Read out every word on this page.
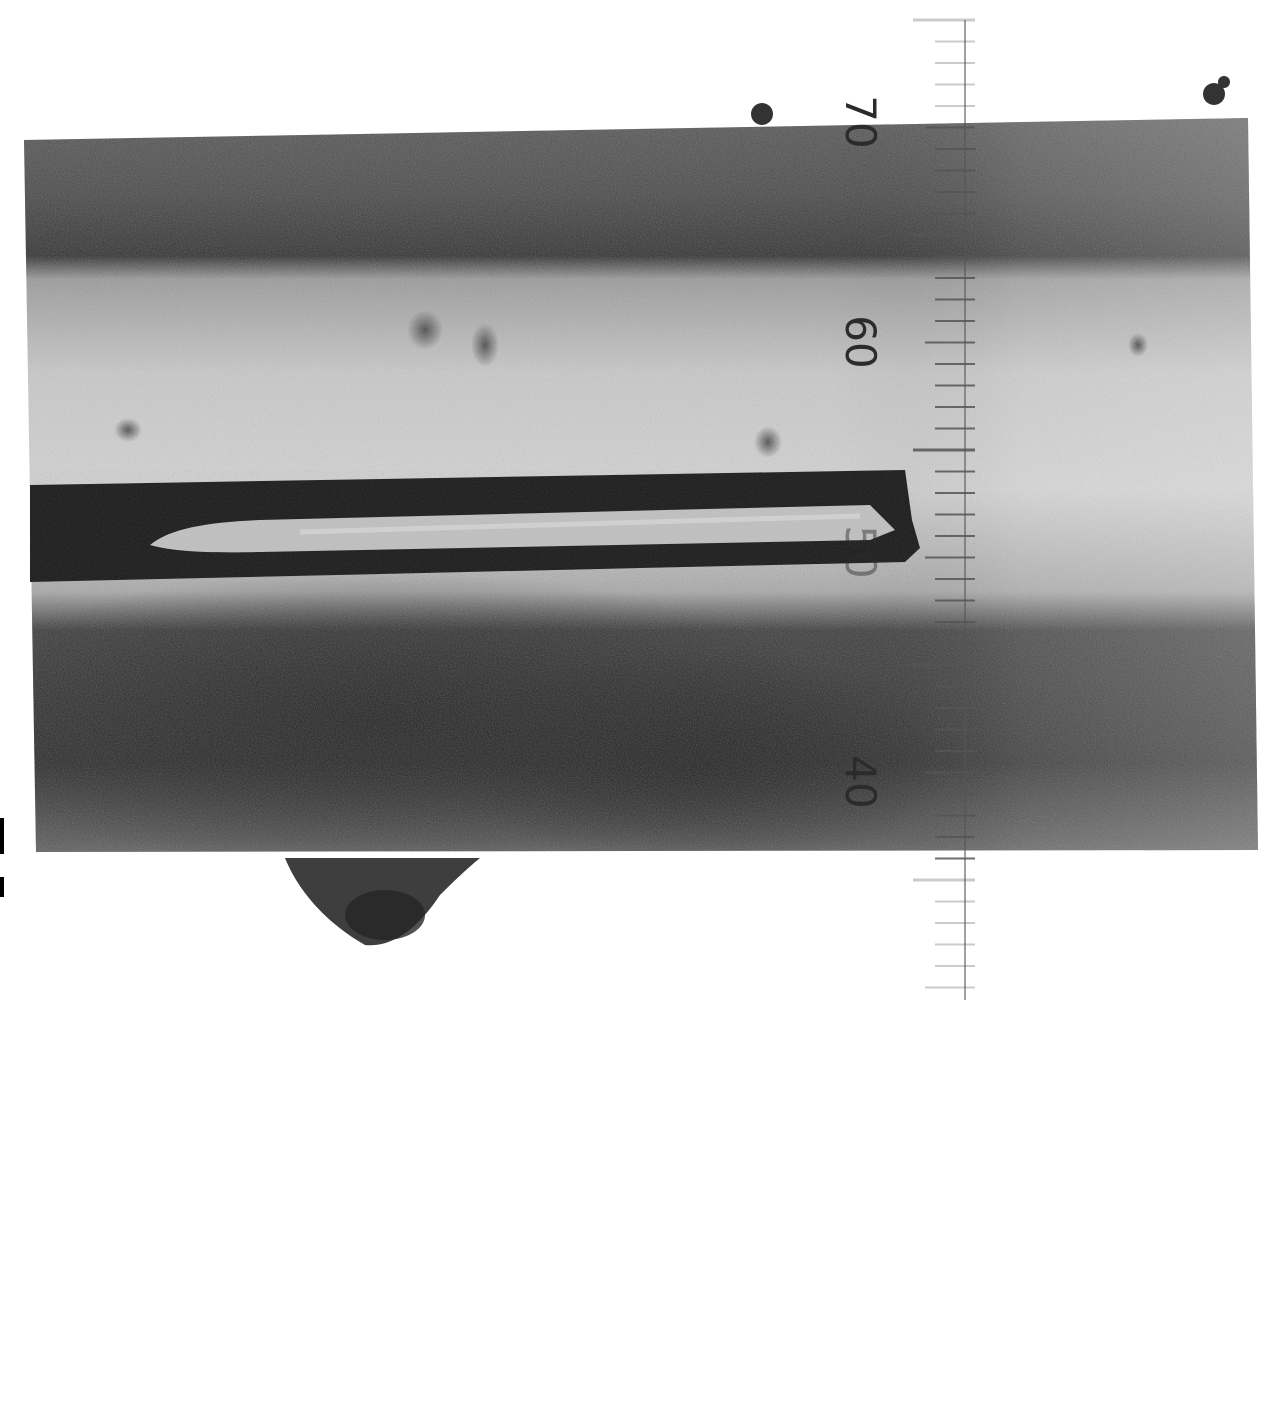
70
60
50
40
